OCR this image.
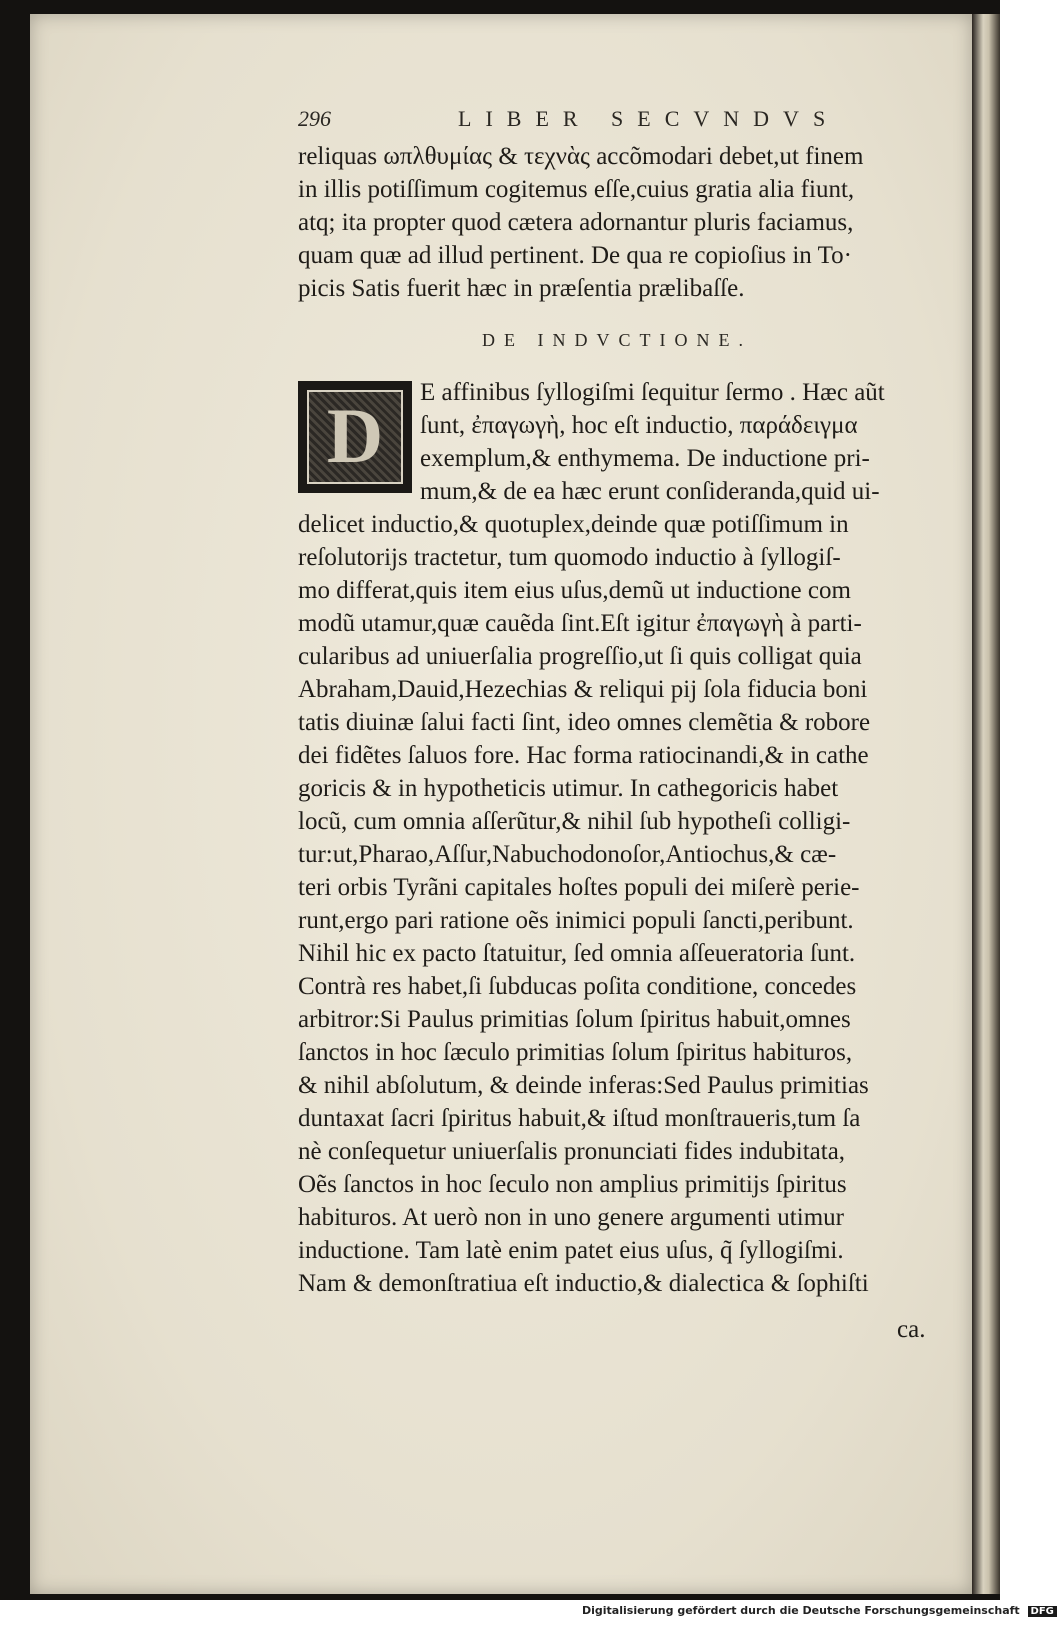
296	LIBER SECVNDVS
reliquas ωπλθυμίας & τεχνὰς accõmodari debet,ut finem
in illis potiſſimum cogitemus eſſe,cuius gratia alia fiunt,
atq; ita propter quod cætera adornantur pluris faciamus,
quam quæ ad illud pertinent. De qua re copioſius in To·
picis Satis fuerit hæc in præſentia prælibaſſe.
DE INDVCTIONE.
D	E affinibus ſyllogiſmi ſequitur ſermo . Hæc aũt
ſunt, ἐπαγωγὴ, hoc eſt inductio, παράδειγμα
exemplum,& enthymema. De inductione pri-
mum,& de ea hæc erunt conſideranda,quid ui-
delicet inductio,& quotuplex,deinde quæ potiſſimum in
reſolutorijs tractetur, tum quomodo inductio à ſyllogiſ-
mo differat,quis item eius uſus,demũ ut inductione com
modũ utamur,quæ cauẽda ſint.Eſt igitur ἐπαγωγὴ à parti-
cularibus ad uniuerſalia progreſſio,ut ſi quis colligat quia
Abraham,Dauid,Hezechias & reliqui pij ſola fiducia boni
tatis diuinæ ſalui facti ſint, ideo omnes clemẽtia & robore
dei fidẽtes ſaluos fore. Hac forma ratiocinandi,& in cathe
goricis & in hypotheticis utimur. In cathegoricis habet
locũ, cum omnia aſſerũtur,& nihil ſub hypotheſi colligi-
tur:ut,Pharao,Aſſur,Nabuchodonoſor,Antiochus,& cæ-
teri orbis Tyrãni capitales hoſtes populi dei miſerè perie-
runt,ergo pari ratione oẽs inimici populi ſancti,peribunt.
Nihil hic ex pacto ſtatuitur, ſed omnia aſſeueratoria ſunt.
Contrà res habet,ſi ſubducas poſita conditione, concedes
arbitror:Si Paulus primitias ſolum ſpiritus habuit,omnes
ſanctos in hoc ſæculo primitias ſolum ſpiritus habituros,
& nihil abſolutum, & deinde inferas:Sed Paulus primitias
duntaxat ſacri ſpiritus habuit,& iſtud monſtraueris,tum ſa
nè conſequetur uniuerſalis pronunciati fides indubitata,
Oẽs ſanctos in hoc ſeculo non amplius primitijs ſpiritus
habituros. At uerò non in uno genere argumenti utimur
inductione. Tam latè enim patet eius uſus, q̃ ſyllogiſmi.
Nam & demonſtratiua eſt inductio,& dialectica & ſophiſti
ca.
Digitalisierung gefördert durch die Deutsche Forschungsgemeinschaft DFG
